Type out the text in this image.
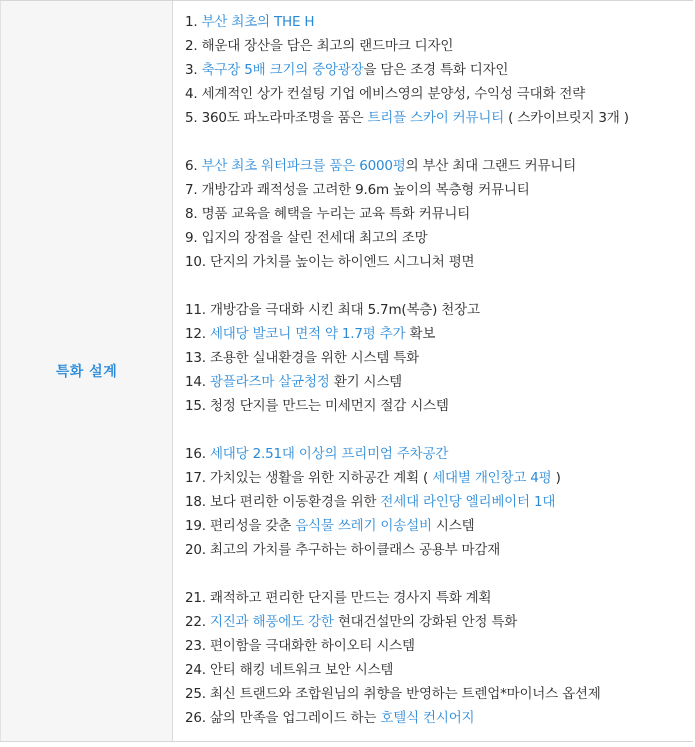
특화 설계
1. 부산 최초의 THE H
2. 해운대 장산을 담은 최고의 랜드마크 디자인
3. 축구장 5배 크기의 중앙광장을 담은 조경 특화 디자인
4. 세계적인 상가 컨설팅 기업 에비스영의 분양성, 수익성 극대화 전략
5. 360도 파노라마조명을 품은 트리플 스카이 커뮤니티 ( 스카이브릿지 3개 )
6. 부산 최초 워터파크를 품은 6000평의 부산 최대 그랜드 커뮤니티
7. 개방감과 쾌적성을 고려한 9.6m 높이의 복층형 커뮤니티
8. 명품 교육을 혜택을 누리는 교육 특화 커뮤니티
9. 입지의 장점을 살린 전세대 최고의 조망
10. 단지의 가치를 높이는 하이엔드 시그니처 평면
11. 개방감을 극대화 시킨 최대 5.7m(복층) 천장고
12. 세대당 발코니 면적 약 1.7평 추가 확보
13. 조용한 실내환경을 위한 시스템 특화
14. 광플라즈마 살균청정 환기 시스템
15. 청정 단지를 만드는 미세먼지 절감 시스템
16. 세대당 2.51대 이상의 프리미엄 주차공간
17. 가치있는 생활을 위한 지하공간 계획 ( 세대별 개인창고 4평 )
18. 보다 편리한 이동환경을 위한 전세대 라인당 엘리베이터 1대
19. 편리성을 갖춘 음식물 쓰레기 이송설비 시스템
20. 최고의 가치를 추구하는 하이클래스 공용부 마감재
21. 쾌적하고 편리한 단지를 만드는 경사지 특화 계획
22. 지진과 해풍에도 강한 현대건설만의 강화된 안정 특화
23. 편이함을 극대화한 하이오티 시스템
24. 안티 해킹 네트워크 보안 시스템
25. 최신 트랜드와 조합원님의 취향을 반영하는 트렌업*마이너스 옵션제
26. 삶의 만족을 업그레이드 하는 호텔식 컨시어지
